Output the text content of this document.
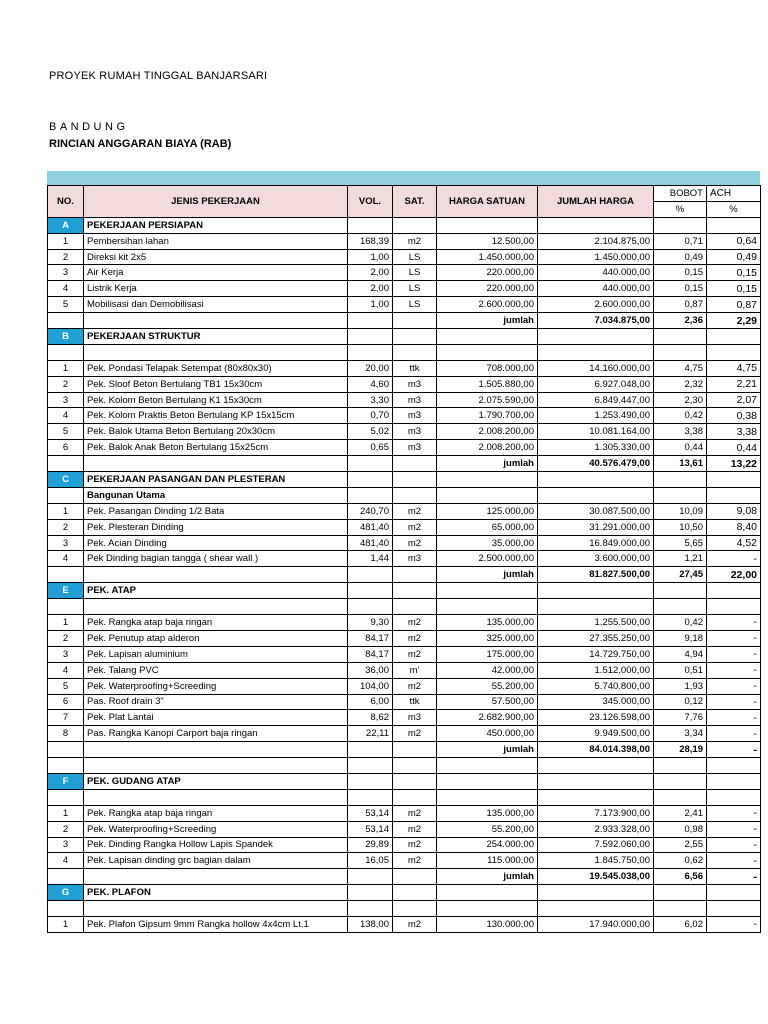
PROYEK RUMAH TINGGAL BANJARSARI
BANDUNG
RINCIAN ANGGARAN BIAYA (RAB)
NO.	JENIS PEKERJAAN	VOL.	SAT.	HARGA SATUAN	JUMLAH HARGA	BOBOT	ACH
						%	%
A	PEKERJAAN PERSIAPAN						
1	Pembersihan lahan	168,39	m2	12.500,00	2.104.875,00	0,71	0,64
2	Direksi kit 2x5	1,00	LS	1.450.000,00	1.450.000,00	0,49	0,49
3	Air Kerja	2,00	LS	220.000,00	440.000,00	0,15	0,15
4	Listrik Kerja	2,00	LS	220.000,00	440.000,00	0,15	0,15
5	Mobilisasi dan Demobilisasi	1,00	LS	2.600.000,00	2.600.000,00	0,87	0,87
				jumlah	7.034.875,00	2,36	2,29
B	PEKERJAAN STRUKTUR						

1	Pek. Pondasi Telapak Setempat (80x80x30)	20,00	ttk	708.000,00	14.160.000,00	4,75	4,75
2	Pek. Sloof Beton Bertulang TB1 15x30cm	4,60	m3	1.505.880,00	6.927.048,00	2,32	2,21
3	Pek. Kolom Beton Bertulang K1 15x30cm	3,30	m3	2.075.590,00	6.849.447,00	2,30	2,07
4	Pek. Kolom Praktis Beton Bertulang KP 15x15cm	0,70	m3	1.790.700,00	1.253.490,00	0,42	0,38
5	Pek. Balok Utama Beton Bertulang 20x30cm	5,02	m3	2.008.200,00	10.081.164,00	3,38	3,38
6	Pek. Balok Anak Beton Bertulang 15x25cm	0,65	m3	2.008.200,00	1.305.330,00	0,44	0,44
				jumlah	40.576.479,00	13,61	13,22
C	PEKERJAAN PASANGAN DAN PLESTERAN						
	Bangunan Utama						
1	Pek. Pasangan Dinding 1/2 Bata	240,70	m2	125.000,00	30.087.500,00	10,09	9,08
2	Pek. Plesteran Dinding	481,40	m2	65.000,00	31.291.000,00	10,50	8,40
3	Pek. Acian Dinding	481,40	m2	35.000,00	16.849.000,00	5,65	4,52
4	Pek Dinding bagian tangga ( shear wall )	1,44	m3	2.500.000,00	3.600.000,00	1,21	-
				jumlah	81.827.500,00	27,45	22,00
E	PEK. ATAP						

1	Pek. Rangka atap baja ringan	9,30	m2	135.000,00	1.255.500,00	0,42	-
2	Pek. Penutup atap alderon	84,17	m2	325.000,00	27.355.250,00	9,18	-
3	Pek. Lapisan aluminium	84,17	m2	175.000,00	14.729.750,00	4,94	-
4	Pek. Talang PVC	36,00	m'	42.000,00	1.512.000,00	0,51	-
5	Pek. Waterproofing+Screeding	104,00	m2	55.200,00	5.740.800,00	1,93	-
6	Pas. Roof drain 3"	6,00	ttk	57.500,00	345.000,00	0,12	-
7	Pek. Plat Lantai	8,62	m3	2.682.900,00	23.126.598,00	7,76	-
8	Pas. Rangka Kanopi Carport baja ringan	22,11	m2	450.000,00	9.949.500,00	3,34	-
				jumlah	84.014.398,00	28,19	-

F	PEK. GUDANG ATAP						

1	Pek. Rangka atap baja ringan	53,14	m2	135.000,00	7.173.900,00	2,41	-
2	Pek. Waterproofing+Screeding	53,14	m2	55.200,00	2.933.328,00	0,98	-
3	Pek. Dinding Rangka Hollow Lapis Spandek	29,89	m2	254.000,00	7.592.060,00	2,55	-
4	Pek. Lapisan dinding grc bagian dalam	16,05	m2	115.000,00	1.845.750,00	0,62	-
				jumlah	19.545.038,00	6,56	-
G	PEK. PLAFON						

1	Pek. Plafon Gipsum 9mm Rangka hollow 4x4cm Lt.1	138,00	m2	130.000,00	17.940.000,00	6,02	-
